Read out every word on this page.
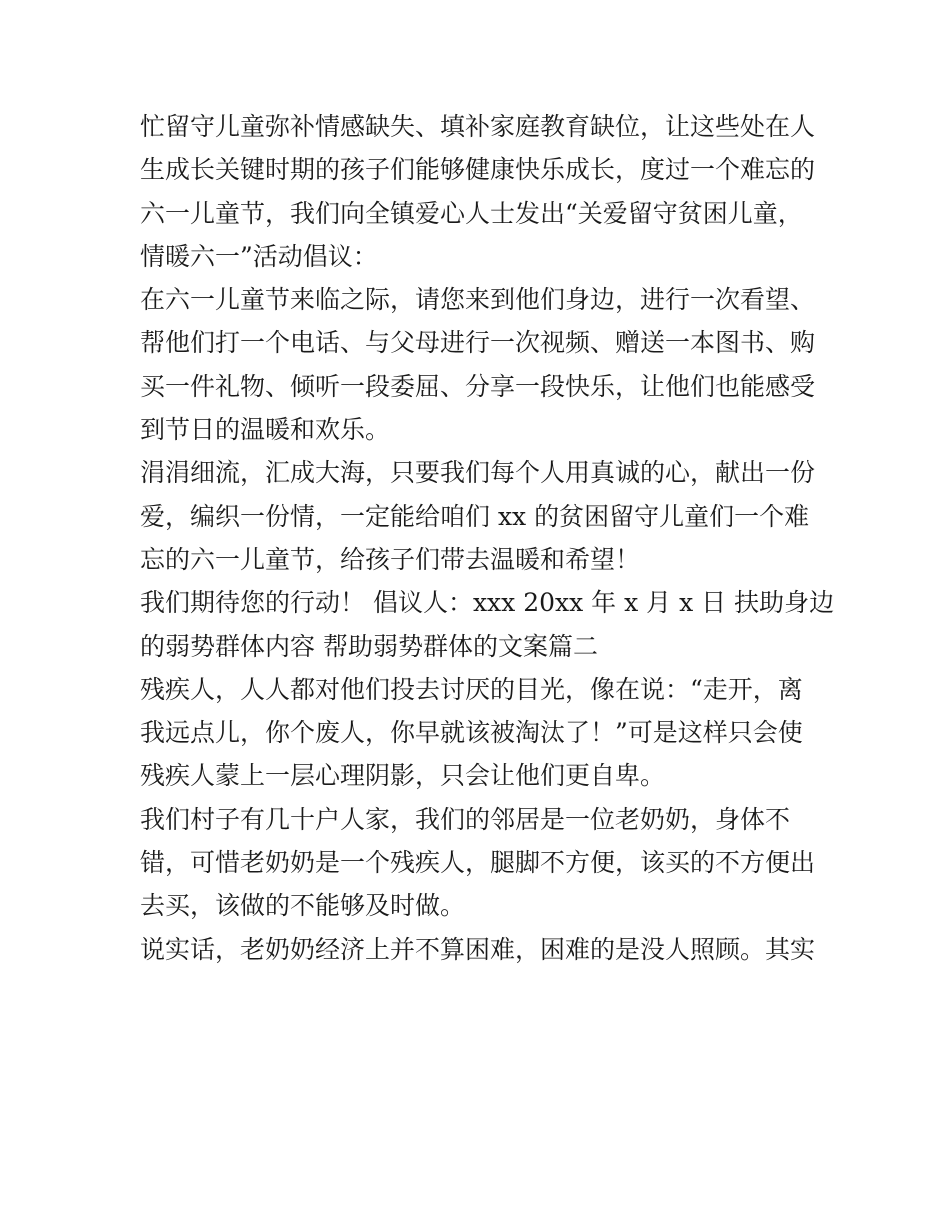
忙留守儿童弥补情感缺失、填补家庭教育缺位，让这些处在人
生成长关键时期的孩子们能够健康快乐成长，度过一个难忘的
六一儿童节，我们向全镇爱心人士发出“关爱留守贫困儿童，
情暖六一”活动倡议：
在六一儿童节来临之际，请您来到他们身边，进行一次看望、
帮他们打一个电话、与父母进行一次视频、赠送一本图书、购
买一件礼物、倾听一段委屈、分享一段快乐，让他们也能感受
到节日的温暖和欢乐。
涓涓细流，汇成大海，只要我们每个人用真诚的心，献出一份
爱，编织一份情，一定能给咱们 xx 的贫困留守儿童们一个难
忘的六一儿童节，给孩子们带去温暖和希望！
我们期待您的行动！ 倡议人：xxx 20xx 年 x 月 x 日 扶助身边
的弱势群体内容 帮助弱势群体的文案篇二
残疾人，人人都对他们投去讨厌的目光，像在说：“走开，离
我远点儿，你个废人，你早就该被淘汰了！”可是这样只会使
残疾人蒙上一层心理阴影，只会让他们更自卑。
我们村子有几十户人家，我们的邻居是一位老奶奶，身体不
错，可惜老奶奶是一个残疾人，腿脚不方便，该买的不方便出
去买，该做的不能够及时做。
说实话，老奶奶经济上并不算困难，困难的是没人照顾。其实
